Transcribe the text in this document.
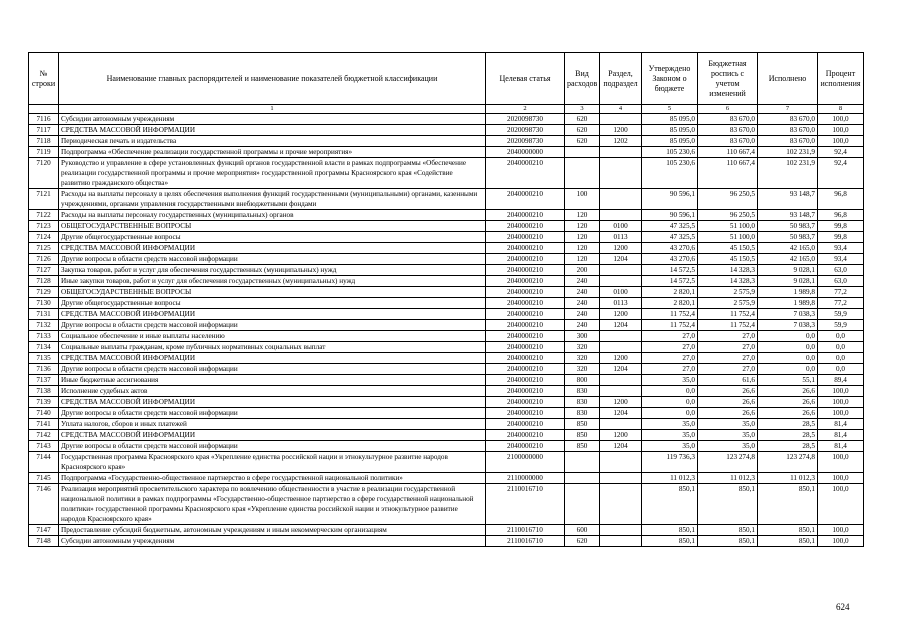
№ строки	Наименование главных распорядителей и наименование показателей бюджетной классификации	Целевая статья	Вид расходов	Раздел, подраздел	Утверждено Законом о бюджете	Бюджетная роспись с учетом изменений	Исполнено	Процент исполнения
	1	2	3	4	5	6	7	8
7116	Субсидии автономным учреждениям	2020098730	620		85 095,0	83 670,0	83 670,0	100,0
7117	СРЕДСТВА МАССОВОЙ ИНФОРМАЦИИ	2020098730	620	1200	85 095,0	83 670,0	83 670,0	100,0
7118	Периодическая печать и издательства	2020098730	620	1202	85 095,0	83 670,0	83 670,0	100,0
7119	Подпрограмма «Обеспечение реализации государственной программы и прочие мероприятия»	2040000000			105 230,6	110 667,4	102 231,9	92,4
7120	Руководство и управление в сфере установленных функций органов государственной власти в рамках подпрограммы «Обеспечение реализации государственной программы и прочие мероприятия» государственной программы Красноярского края «Содействие развитию гражданского общества»	2040000210			105 230,6	110 667,4	102 231,9	92,4
7121	Расходы на выплаты персоналу в целях обеспечения выполнения функций государственными (муниципальными) органами, казенными учреждениями, органами управления государственными внебюджетными фондами	2040000210	100		90 596,1	96 250,5	93 148,7	96,8
7122	Расходы на выплаты персоналу государственных (муниципальных) органов	2040000210	120		90 596,1	96 250,5	93 148,7	96,8
7123	ОБЩЕГОСУДАРСТВЕННЫЕ ВОПРОСЫ	2040000210	120	0100	47 325,5	51 100,0	50 983,7	99,8
7124	Другие общегосударственные вопросы	2040000210	120	0113	47 325,5	51 100,0	50 983,7	99,8
7125	СРЕДСТВА МАССОВОЙ ИНФОРМАЦИИ	2040000210	120	1200	43 270,6	45 150,5	42 165,0	93,4
7126	Другие вопросы в области средств массовой информации	2040000210	120	1204	43 270,6	45 150,5	42 165,0	93,4
7127	Закупка товаров, работ и услуг для обеспечения государственных (муниципальных) нужд	2040000210	200		14 572,5	14 328,3	9 028,1	63,0
7128	Иные закупки товаров, работ и услуг для обеспечения государственных (муниципальных) нужд	2040000210	240		14 572,5	14 328,3	9 028,1	63,0
7129	ОБЩЕГОСУДАРСТВЕННЫЕ ВОПРОСЫ	2040000210	240	0100	2 820,1	2 575,9	1 989,8	77,2
7130	Другие общегосударственные вопросы	2040000210	240	0113	2 820,1	2 575,9	1 989,8	77,2
7131	СРЕДСТВА МАССОВОЙ ИНФОРМАЦИИ	2040000210	240	1200	11 752,4	11 752,4	7 038,3	59,9
7132	Другие вопросы в области средств массовой информации	2040000210	240	1204	11 752,4	11 752,4	7 038,3	59,9
7133	Социальное обеспечение и иные выплаты населению	2040000210	300		27,0	27,0	0,0	0,0
7134	Социальные выплаты гражданам, кроме публичных нормативных социальных выплат	2040000210	320		27,0	27,0	0,0	0,0
7135	СРЕДСТВА МАССОВОЙ ИНФОРМАЦИИ	2040000210	320	1200	27,0	27,0	0,0	0,0
7136	Другие вопросы в области средств массовой информации	2040000210	320	1204	27,0	27,0	0,0	0,0
7137	Иные бюджетные ассигнования	2040000210	800		35,0	61,6	55,1	89,4
7138	Исполнение судебных актов	2040000210	830		0,0	26,6	26,6	100,0
7139	СРЕДСТВА МАССОВОЙ ИНФОРМАЦИИ	2040000210	830	1200	0,0	26,6	26,6	100,0
7140	Другие вопросы в области средств массовой информации	2040000210	830	1204	0,0	26,6	26,6	100,0
7141	Уплата налогов, сборов и иных платежей	2040000210	850		35,0	35,0	28,5	81,4
7142	СРЕДСТВА МАССОВОЙ ИНФОРМАЦИИ	2040000210	850	1200	35,0	35,0	28,5	81,4
7143	Другие вопросы в области средств массовой информации	2040000210	850	1204	35,0	35,0	28,5	81,4
7144	Государственная программа Красноярского края «Укрепление единства российской нации и этнокультурное развитие народов Красноярского края»	2100000000			119 736,3	123 274,8	123 274,8	100,0
7145	Подпрограмма «Государственно-общественное партнерство в сфере государственной национальной политики»	2110000000			11 012,3	11 012,3	11 012,3	100,0
7146	Реализация мероприятий просветительского характера по вовлечению общественности в участие в реализации государственной национальной политики в рамках подпрограммы «Государственно-общественное партнерство в сфере государственной национальной политики» государственной программы Красноярского края «Укрепление единства российской нации и этнокультурное развитие народов Красноярского края»	2110016710			850,1	850,1	850,1	100,0
7147	Предоставление субсидий бюджетным, автономным учреждениям и иным некоммерческим организациям	2110016710	600		850,1	850,1	850,1	100,0
7148	Субсидии автономным учреждениям	2110016710	620		850,1	850,1	850,1	100,0
624
